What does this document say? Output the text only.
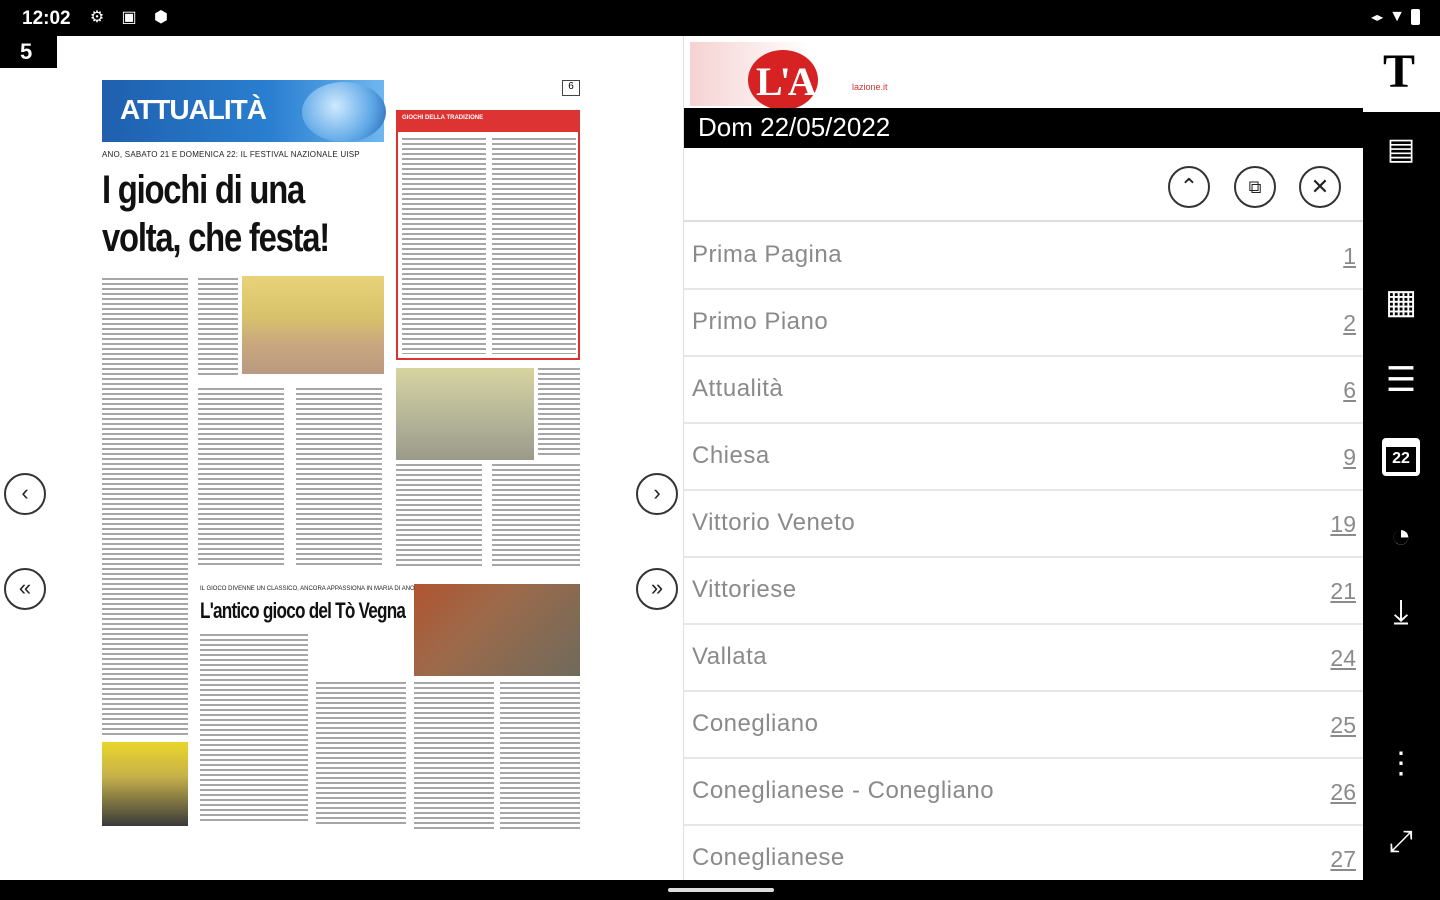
12:02 ⚙ ▣ ⬢	◂▸ ▼
5
ATTUALITÀ
6
ANO, SABATO 21 E DOMENICA 22: IL FESTIVAL NAZIONALE UISP
I giochi di una
volta, che festa!
GIOCHI DELLA TRADIZIONE
IL GIOCO DIVENNE UN CLASSICO, ANCORA APPASSIONA IN MARIA DI ANO
L'antico gioco del Tò Vegna
‹
«
›
»
L'A	lazione.it
Dom 22/05/2022
⌃	⧉	✕
Prima Pagina	1
Primo Piano	2
Attualità	6
Chiesa	9
Vittorio Veneto	19
Vittoriese	21
Vallata	24
Conegliano	25
Coneglianese - Conegliano	26
Coneglianese	27
T
▤
▦
☰
22
◔
⤓
⋮
⤢
